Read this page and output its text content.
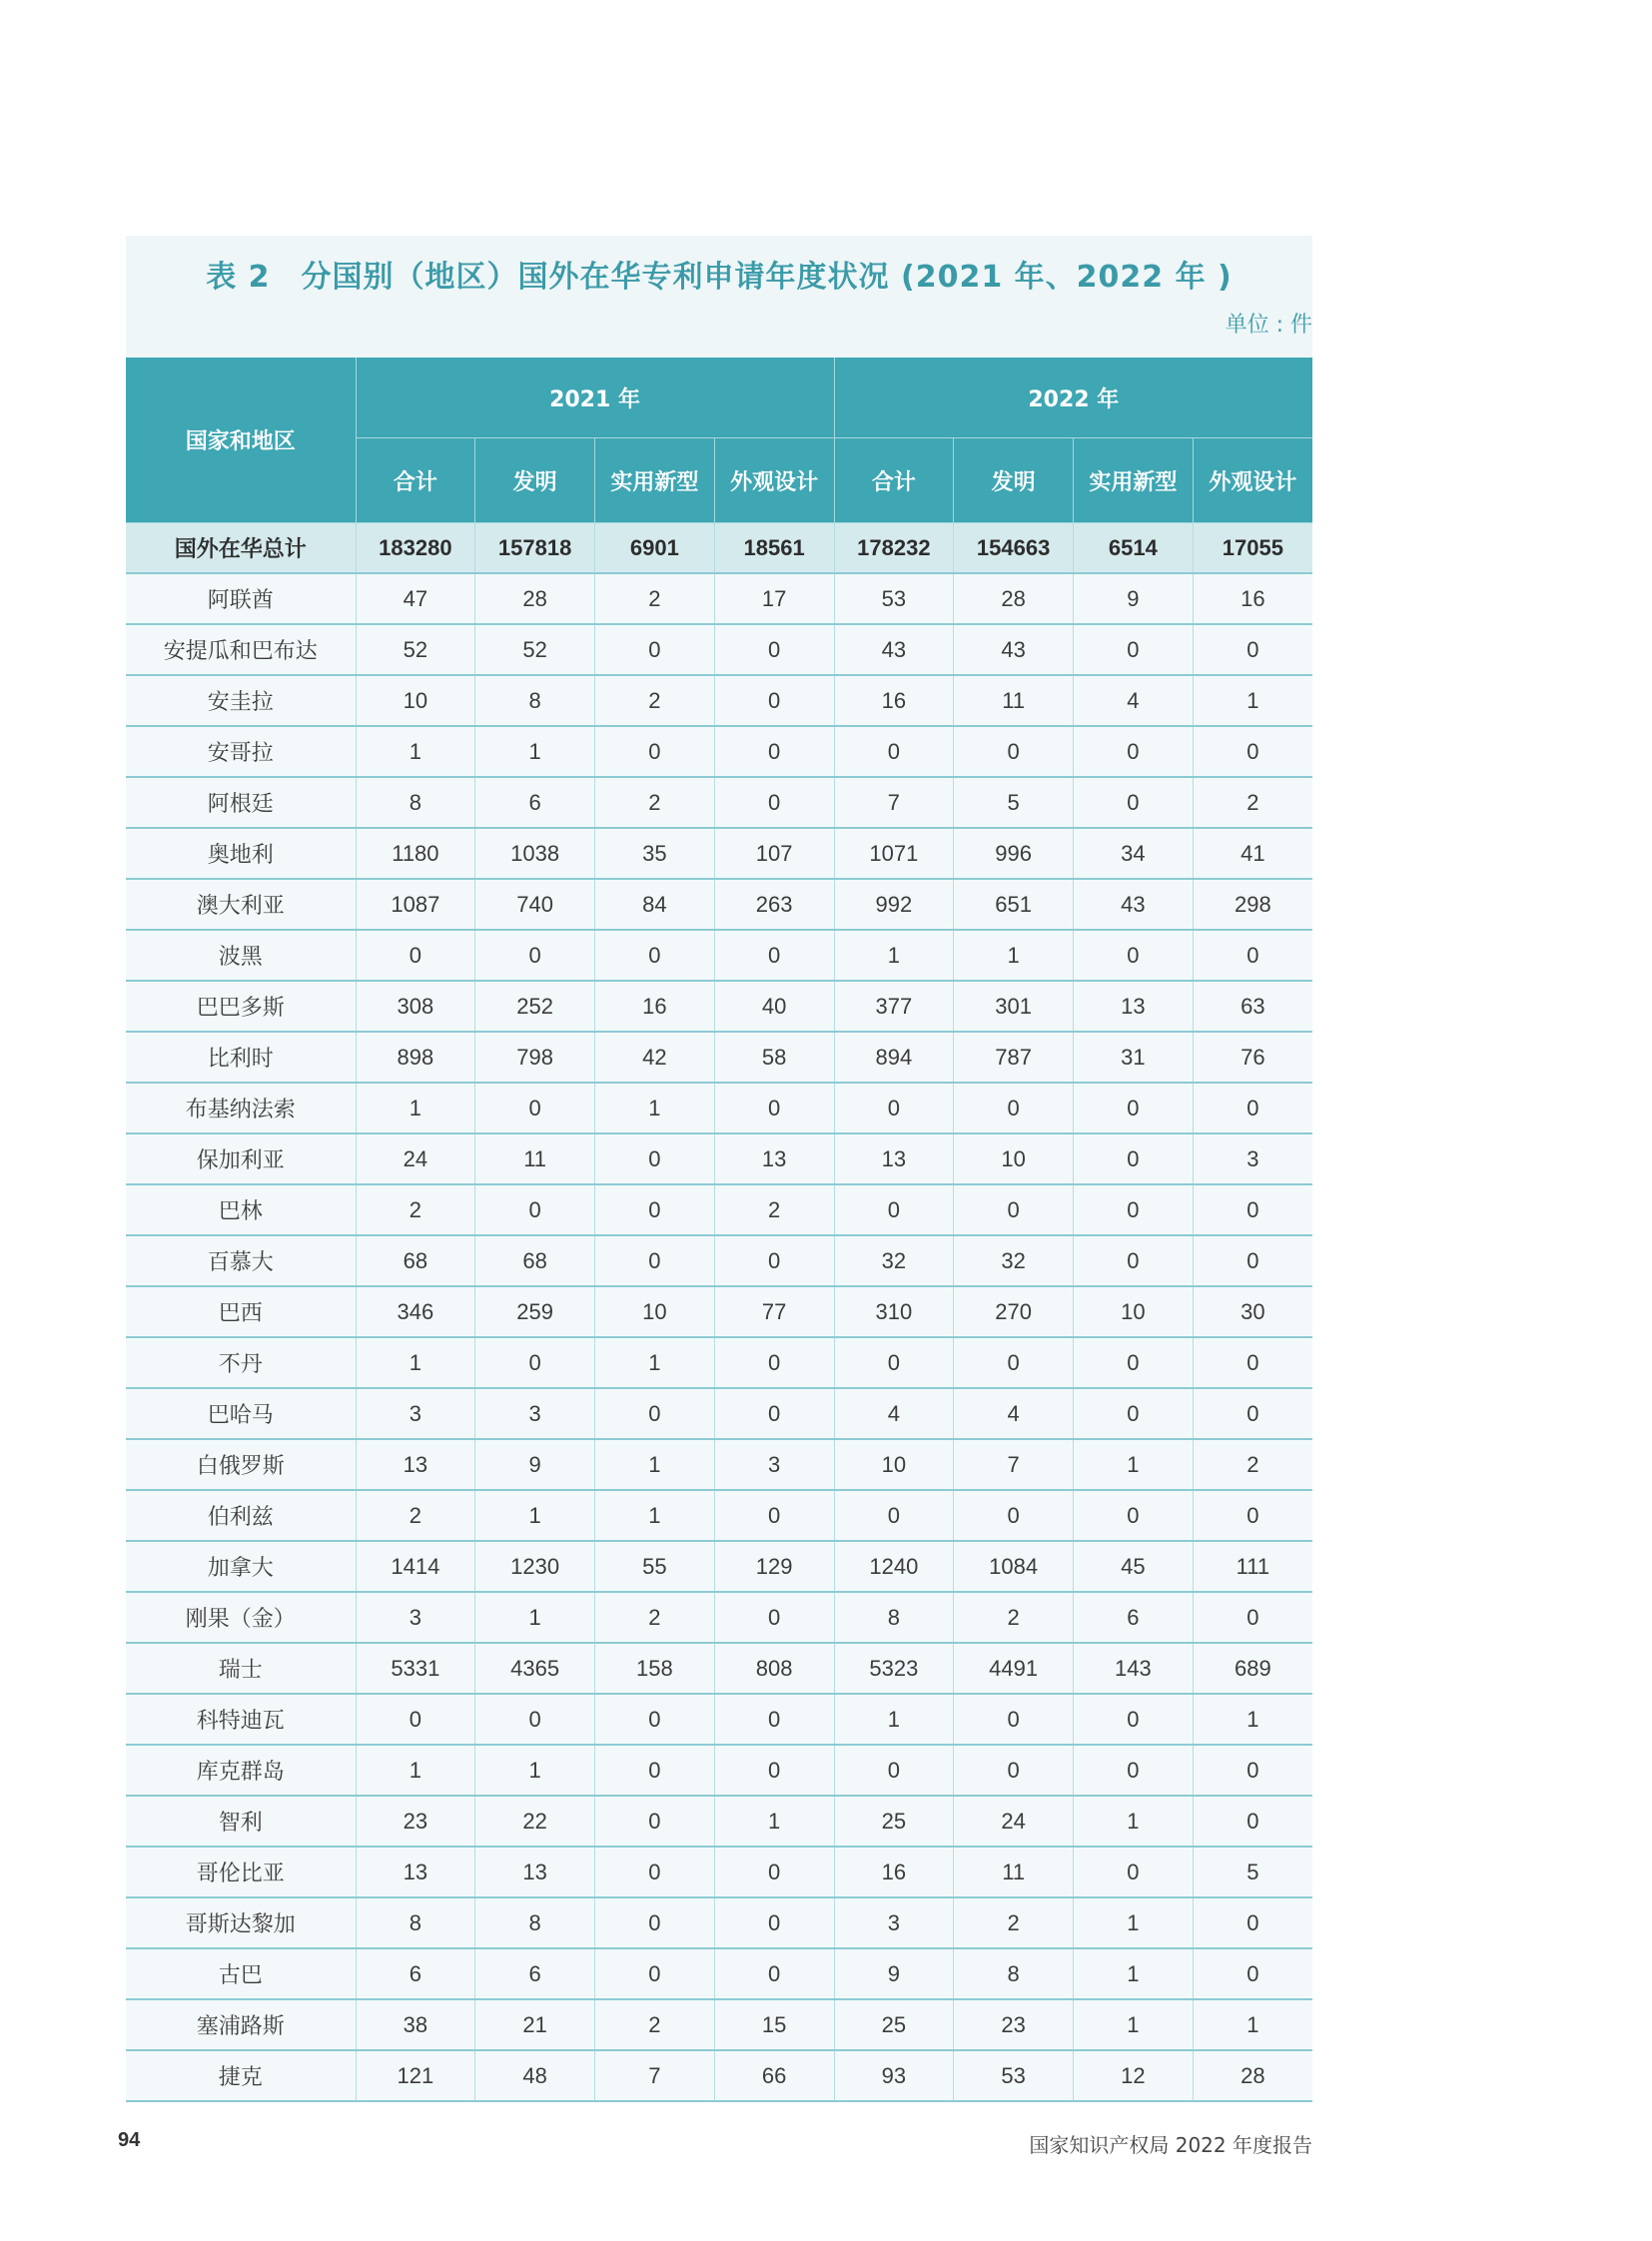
表 2　分国别（地区）国外在华专利申请年度状况 (2021 年、2022 年 )
单位 : 件
国家和地区	2021 年				2022 年			
	合计	发明	实用新型	外观设计	合计	发明	实用新型	外观设计
国外在华总计	183280	157818	6901	18561	178232	154663	6514	17055
阿联酋	47	28	2	17	53	28	9	16
安提瓜和巴布达	52	52	0	0	43	43	0	0
安圭拉	10	8	2	0	16	11	4	1
安哥拉	1	1	0	0	0	0	0	0
阿根廷	8	6	2	0	7	5	0	2
奥地利	1180	1038	35	107	1071	996	34	41
澳大利亚	1087	740	84	263	992	651	43	298
波黑	0	0	0	0	1	1	0	0
巴巴多斯	308	252	16	40	377	301	13	63
比利时	898	798	42	58	894	787	31	76
布基纳法索	1	0	1	0	0	0	0	0
保加利亚	24	11	0	13	13	10	0	3
巴林	2	0	0	2	0	0	0	0
百慕大	68	68	0	0	32	32	0	0
巴西	346	259	10	77	310	270	10	30
不丹	1	0	1	0	0	0	0	0
巴哈马	3	3	0	0	4	4	0	0
白俄罗斯	13	9	1	3	10	7	1	2
伯利兹	2	1	1	0	0	0	0	0
加拿大	1414	1230	55	129	1240	1084	45	111
刚果（金）	3	1	2	0	8	2	6	0
瑞士	5331	4365	158	808	5323	4491	143	689
科特迪瓦	0	0	0	0	1	0	0	1
库克群岛	1	1	0	0	0	0	0	0
智利	23	22	0	1	25	24	1	0
哥伦比亚	13	13	0	0	16	11	0	5
哥斯达黎加	8	8	0	0	3	2	1	0
古巴	6	6	0	0	9	8	1	0
塞浦路斯	38	21	2	15	25	23	1	1
捷克	121	48	7	66	93	53	12	28
94	国家知识产权局 2022 年度报告
